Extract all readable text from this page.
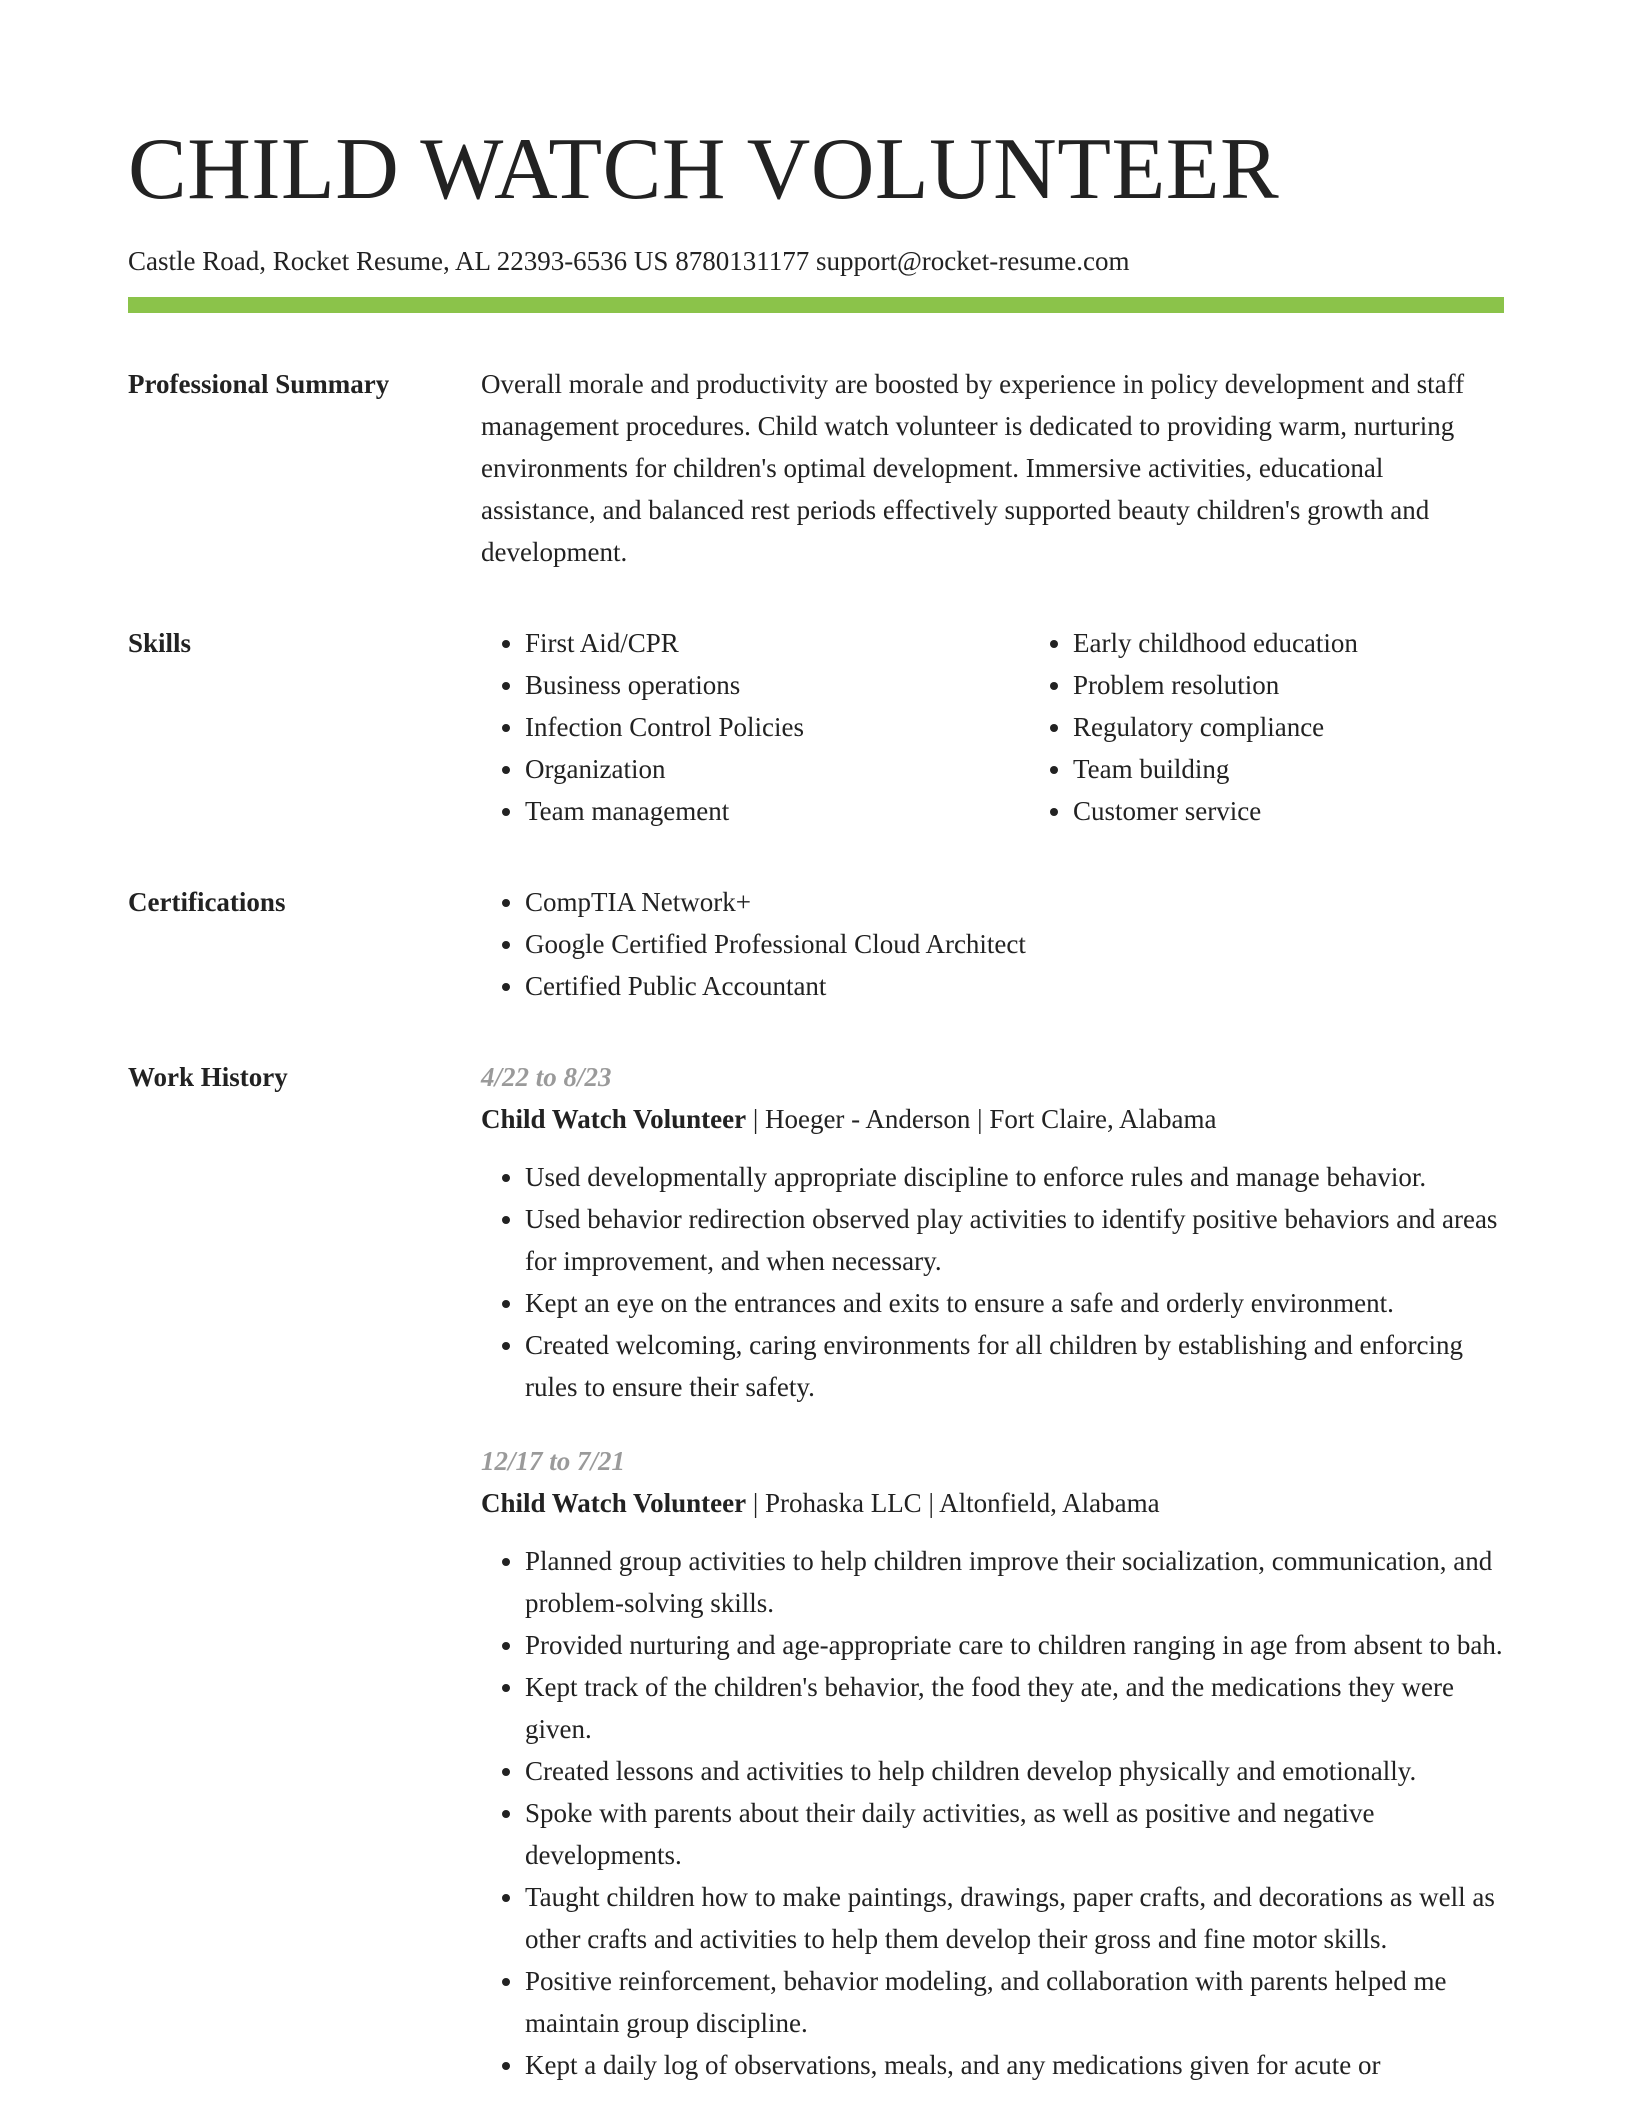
CHILD WATCH VOLUNTEER
Castle Road, Rocket Resume, AL 22393-6536 US 8780131177 support@rocket-resume.com
Professional Summary	Overall morale and productivity are boosted by experience in policy development and staff management procedures. Child watch volunteer is dedicated to providing warm, nurturing environments for children's optimal development. Immersive activities, educational assistance, and balanced rest periods effectively supported beauty children's growth and development.

Skills	• First Aid/CPR
• Business operations
• Infection Control Policies
• Organization
• Team management
• Early childhood education
• Problem resolution
• Regulatory compliance
• Team building
• Customer service
Certifications	• CompTIA Network+
• Google Certified Professional Cloud Architect
• Certified Public Accountant
Work History	4/22 to 8/23
Child Watch Volunteer | Hoeger - Anderson | Fort Claire, Alabama
• Used developmentally appropriate discipline to enforce rules and manage behavior.
• Used behavior redirection observed play activities to identify positive behaviors and areas for improvement, and when necessary.
• Kept an eye on the entrances and exits to ensure a safe and orderly environment.
• Created welcoming, caring environments for all children by establishing and enforcing rules to ensure their safety.
12/17 to 7/21
Child Watch Volunteer | Prohaska LLC | Altonfield, Alabama
• Planned group activities to help children improve their socialization, communication, and problem-solving skills.
• Provided nurturing and age-appropriate care to children ranging in age from absent to bah.
• Kept track of the children's behavior, the food they ate, and the medications they were given.
• Created lessons and activities to help children develop physically and emotionally.
• Spoke with parents about their daily activities, as well as positive and negative developments.
• Taught children how to make paintings, drawings, paper crafts, and decorations as well as other crafts and activities to help them develop their gross and fine motor skills.
• Positive reinforcement, behavior modeling, and collaboration with parents helped me maintain group discipline.
• Kept a daily log of observations, meals, and any medications given for acute or
